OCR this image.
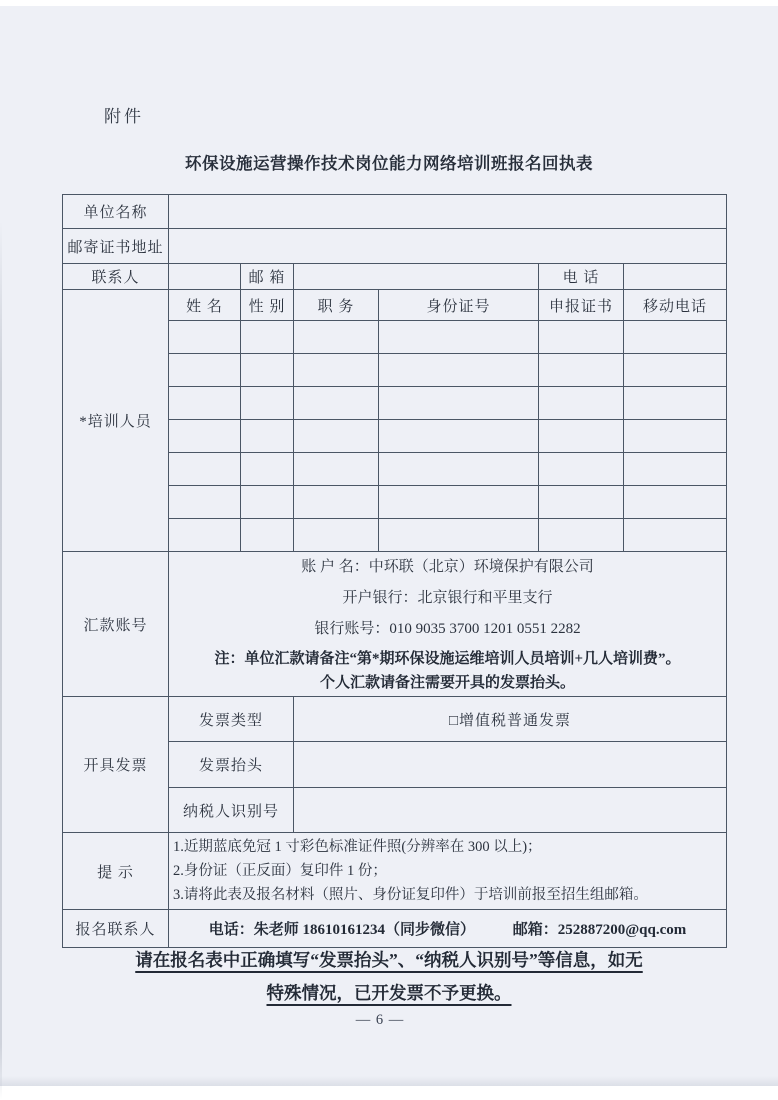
附件
环保设施运营操作技术岗位能力网络培训班报名回执表
单位名称						
邮寄证书地址						
联系人		邮 箱			电 话	
*培训人员	姓 名	性 别	职 务	身份证号	申报证书	移动电话

汇款账号	账 户 名：中环联（北京）环境保护有限公司
开户银行：北京银行和平里支行
银行账号：010 9035 3700 1201 0551 2282
注：单位汇款请备注“第*期环保设施运维培训人员培训+几人培训费”。
个人汇款请备注需要开具的发票抬头。					

开具发票	发票类型		□增值税普通发票			
	发票抬头					
	纳税人识别号					
提 示	1.近期蓝底免冠 1 寸彩色标准证件照(分辨率在 300 以上)；
2.身份证（正反面）复印件 1 份；
3.请将此表及报名材料（照片、身份证复印件）于培训前报至招生组邮箱。					

报名联系人	电话：朱老师 18610161234（同步微信） 邮箱：252887200@qq.com					
请在报名表中正确填写“发票抬头”、“纳税人识别号”等信息，如无
特殊情况，已开发票不予更换。
— 6 —
